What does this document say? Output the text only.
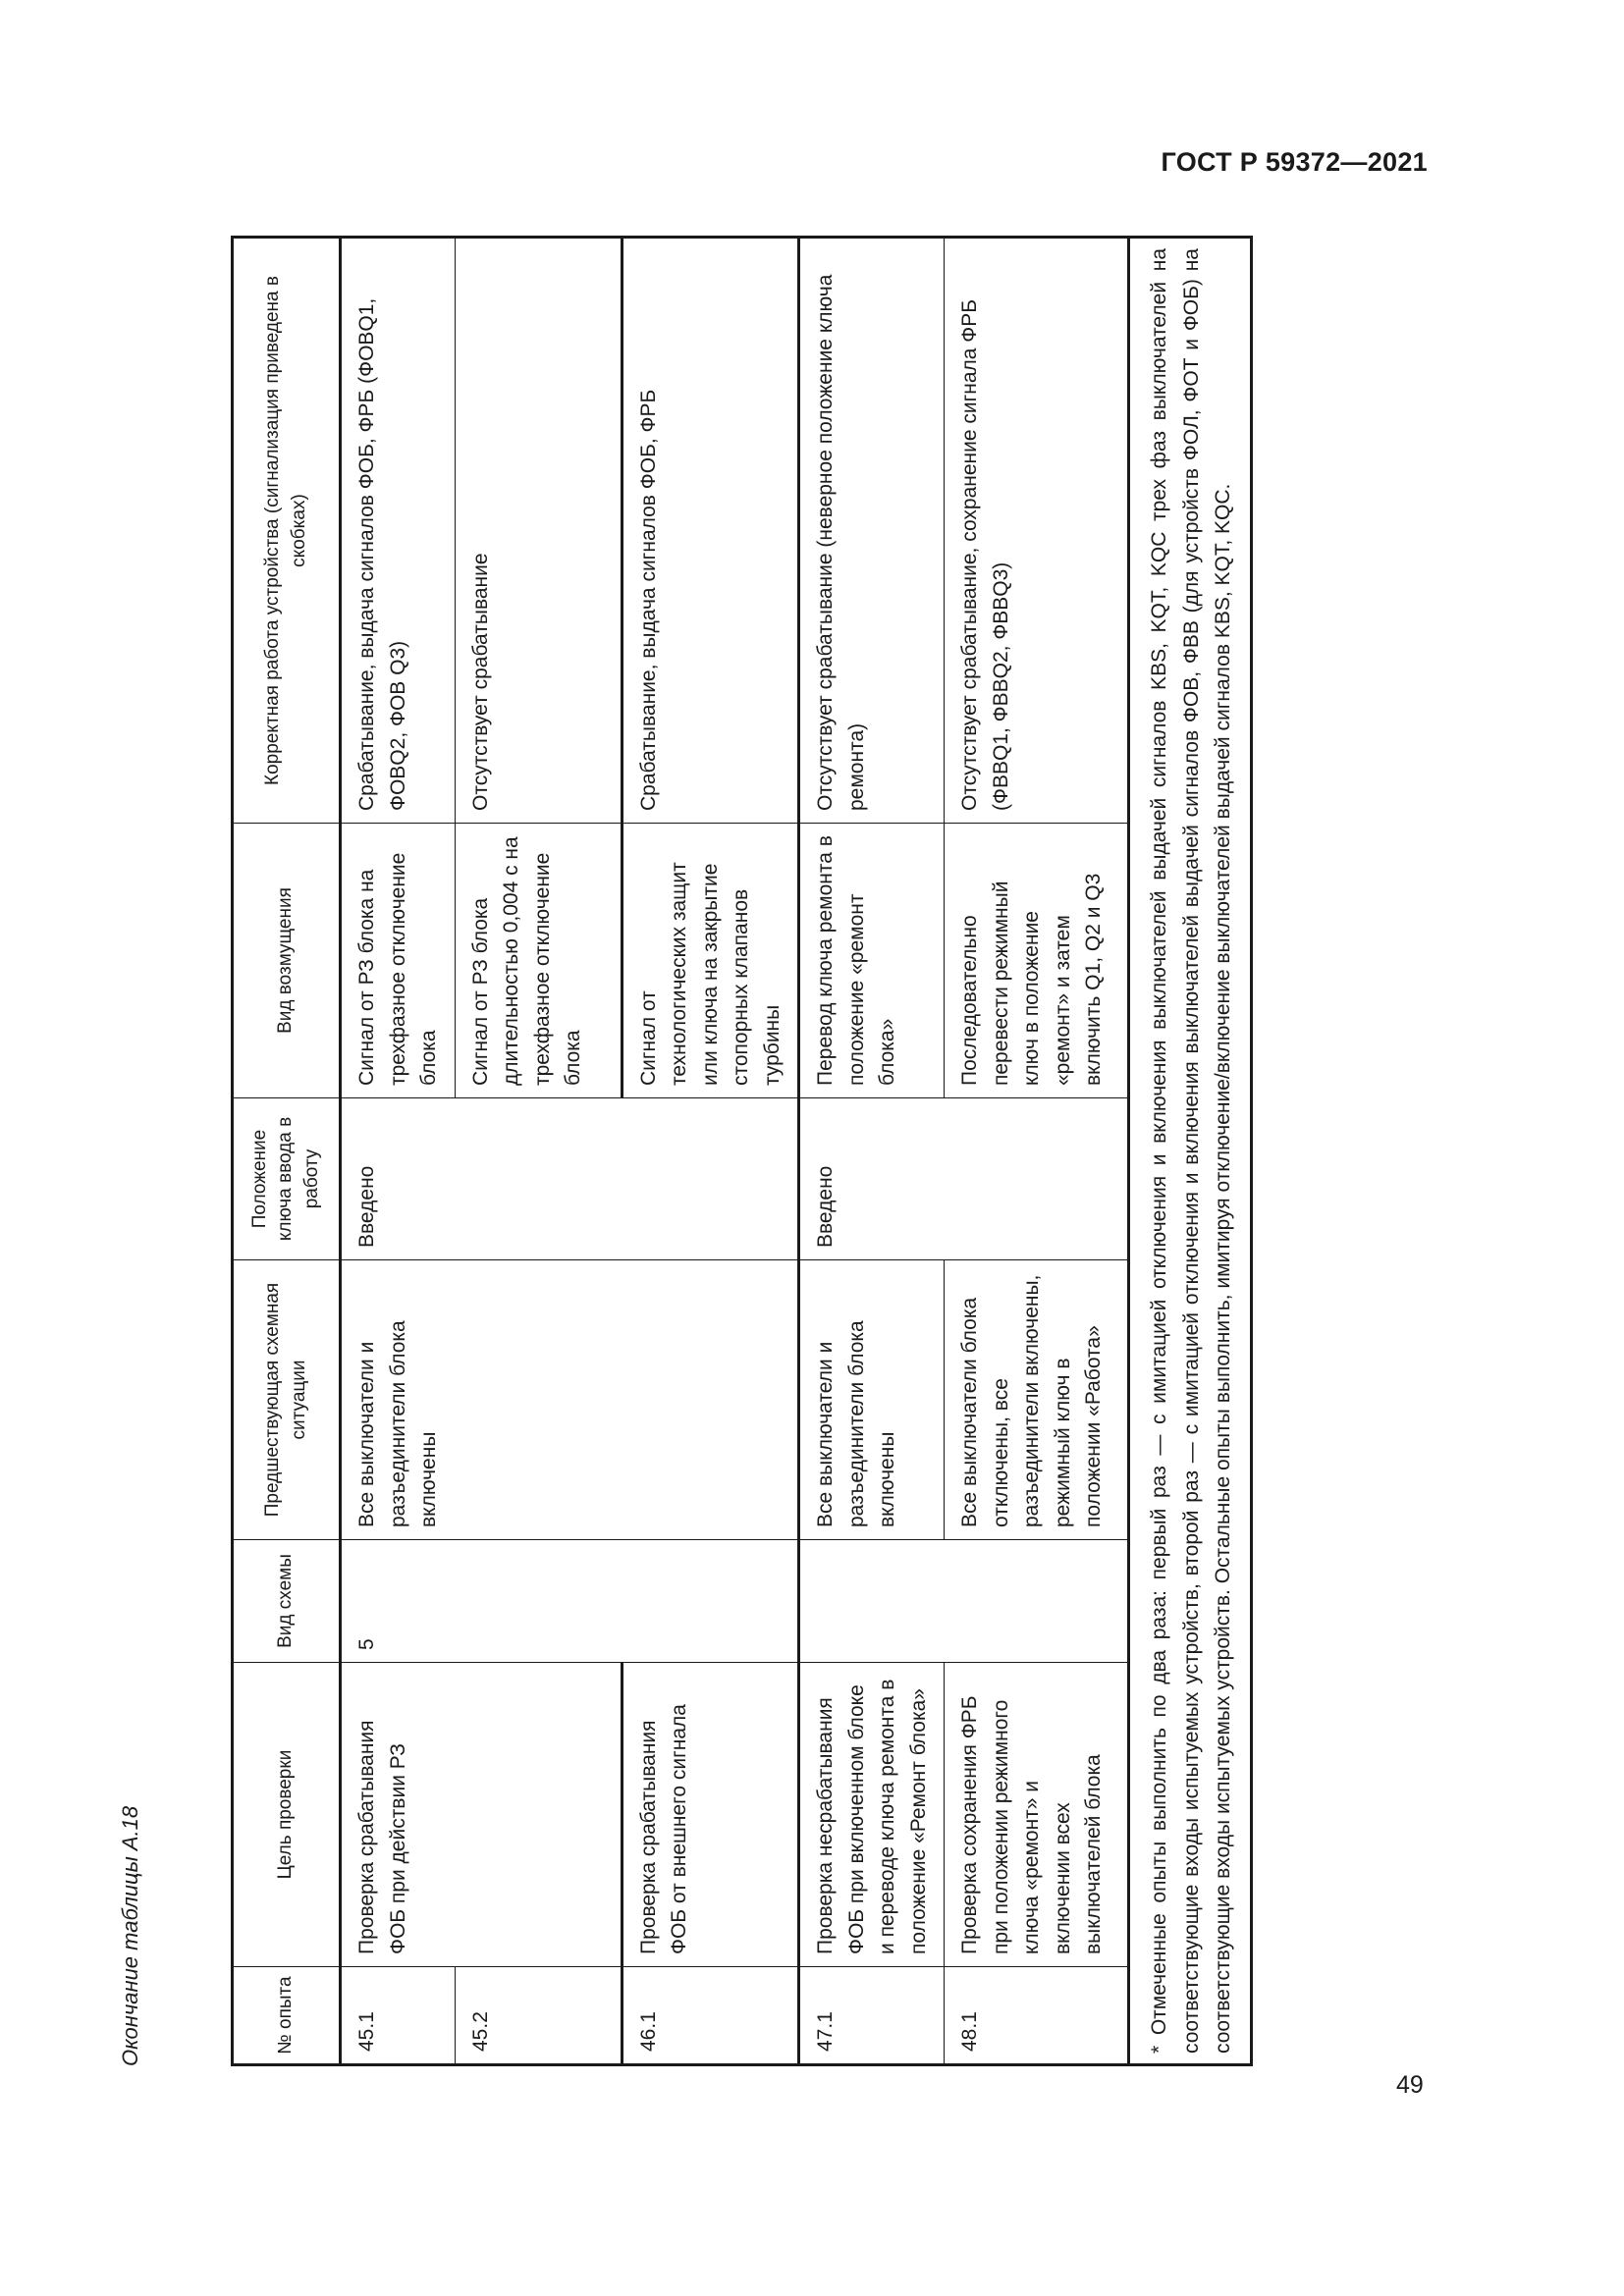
ГОСТ Р 59372—2021
Окончание таблицы А.18	№ опыта	Цель проверки	Вид схемы	Предшествующая схемная ситуации	Положение ключа ввода в работу	Вид возмущения	Корректная работа устройства (сигнализация приведена в скобках)
45.1	Проверка срабатывания ФОБ при действии РЗ	5	Все выключатели и разъединители блока включены	Введено	Сигнал от РЗ блока на трехфазное отключение блока	Срабатывание, выдача сигналов ФОБ, ФРБ (ФОВQ1, ФОВQ2, ФОВ Q3)
45.2					Сигнал от РЗ блока длительностью 0,004 с на трехфазное отключение блока	Отсутствует срабатывание
46.1	Проверка срабатывания ФОБ от внешнего сигнала				Сигнал от технологических защит или ключа на закрытие стопорных клапанов турбины	Срабатывание, выдача сигналов ФОБ, ФРБ
47.1	Проверка несрабатывания ФОБ при включенном блоке и переводе ключа ремонта в положение «Ремонт блока»		Все выключатели и разъединители блока включены	Введено	Перевод ключа ремонта в положение «ремонт блока»	Отсутствует срабатывание (неверное положение ключа ремонта)
48.1	Проверка сохранения ФРБ при положении режимного ключа «ремонт» и включении всех выключателей блока		Все выключатели блока отключены, все разъединители включены, режимный ключ в положении «Работа»		Последовательно перевести режимный ключ в положение «ремонт» и затем включить Q1, Q2 и Q3	Отсутствует срабатывание, сохранение сигнала ФРБ (ФВВQ1, ФВВQ2, ФВВQ3)
* Отмеченные опыты выполнить по два раза: первый раз — с имитацией отключения и включения выключателей выдачей сигналов KBS, KQT, KQC трех фаз выключателей на соответствующие входы испытуемых устройств, второй раз — с имитацией отключения и включения выключателей выдачей сигналов ФОВ, ФВВ (для устройств ФОЛ, ФОТ и ФОБ) на соответствующие входы испытуемых устройств. Остальные опыты выполнить, имитируя отключение/включение выключателей выдачей сигналов KBS, KQT, KQC.						
49
